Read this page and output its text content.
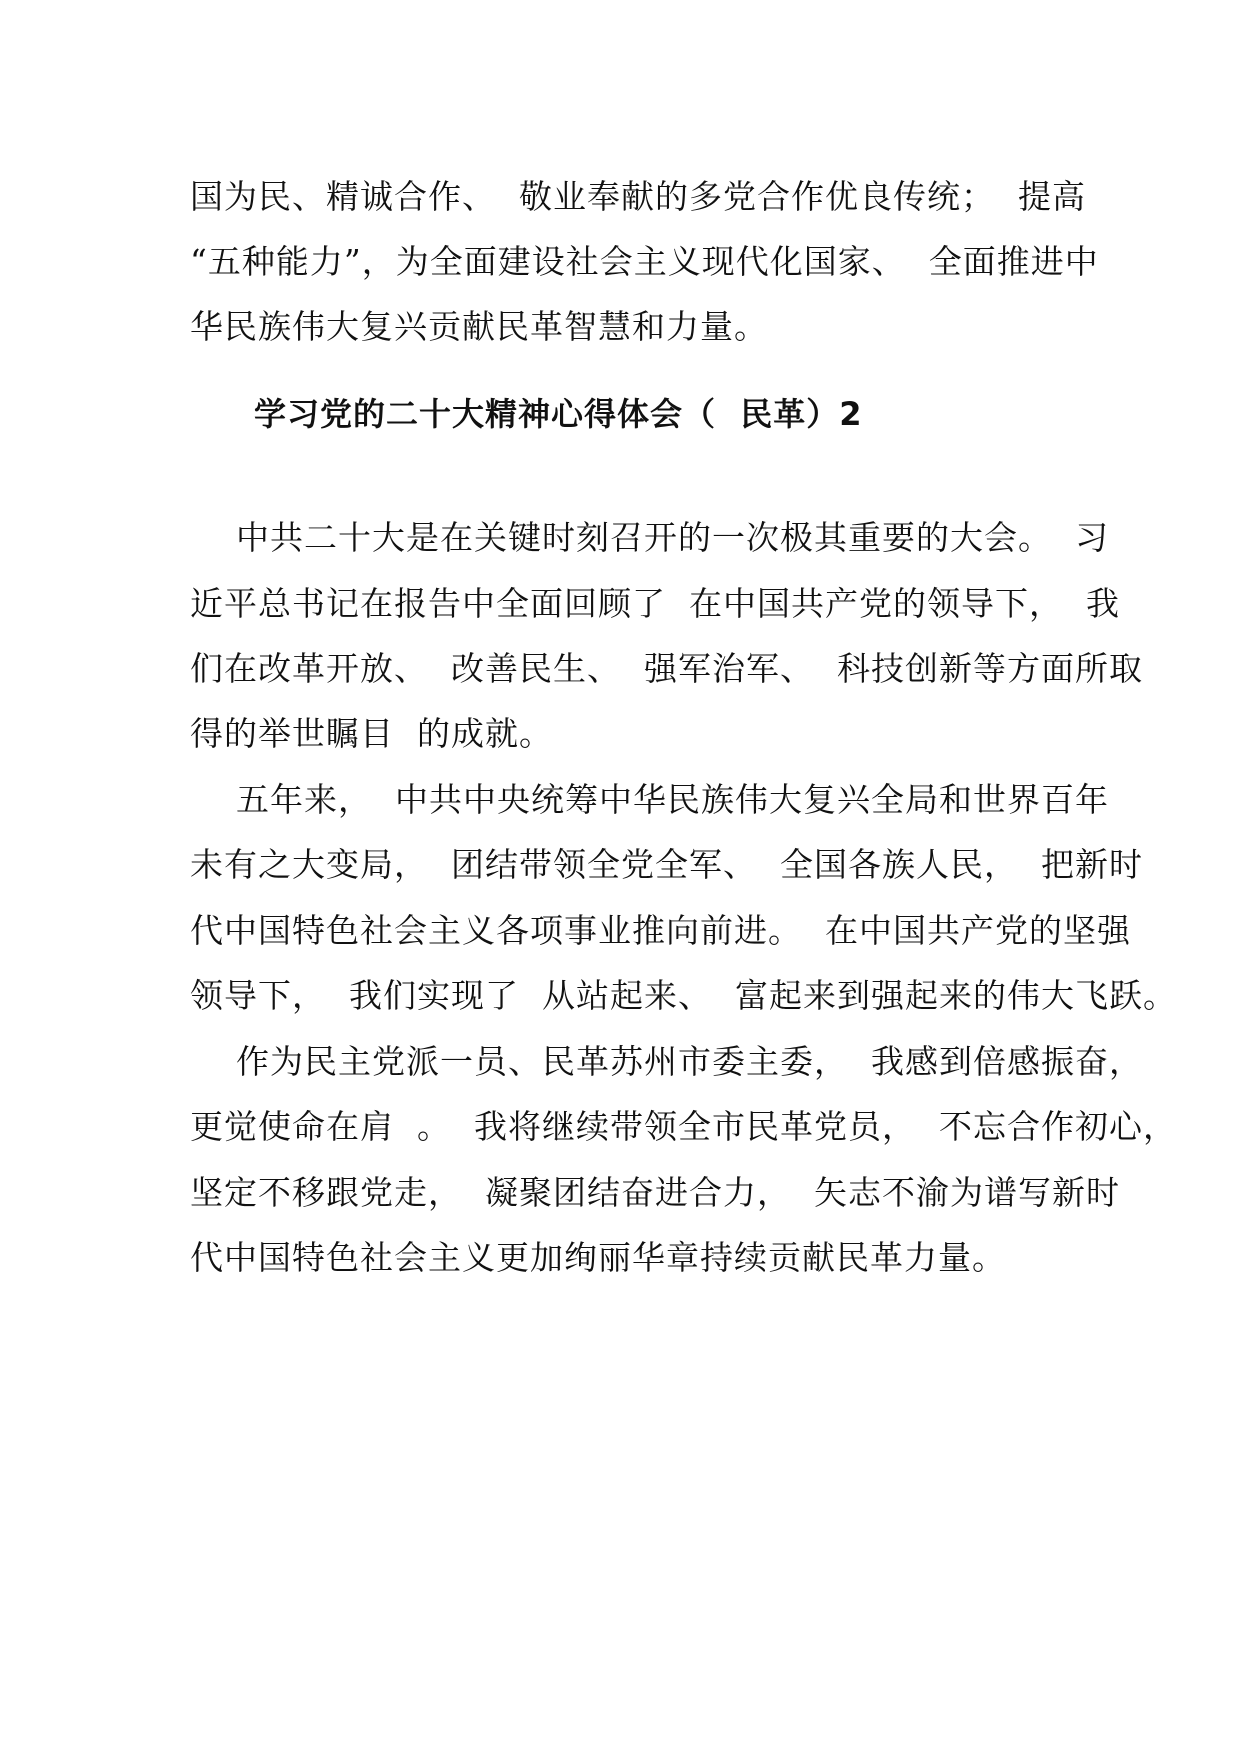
国为民、精诚合作、  敬业奉献的多党合作优良传统；  提高
“五种能力”，为全面建设社会主义现代化国家、  全面推进中
华民族伟大复兴贡献民革智慧和力量。
学习党的二十大精神心得体会（  民革）2
中共二十大是在关键时刻召开的一次极其重要的大会。  习
近平总书记在报告中全面回顾了  在中国共产党的领导下，  我
们在改革开放、  改善民生、  强军治军、  科技创新等方面所取
得的举世瞩目  的成就。
五年来，  中共中央统筹中华民族伟大复兴全局和世界百年
未有之大变局，  团结带领全党全军、  全国各族人民，  把新时
代中国特色社会主义各项事业推向前进。  在中国共产党的坚强
领导下，  我们实现了  从站起来、  富起来到强起来的伟大飞跃。
作为民主党派一员、民革苏州市委主委，  我感到倍感振奋，
更觉使命在肩  。  我将继续带领全市民革党员，  不忘合作初心，
坚定不移跟党走，  凝聚团结奋进合力，  矢志不渝为谱写新时
代中国特色社会主义更加绚丽华章持续贡献民革力量。
